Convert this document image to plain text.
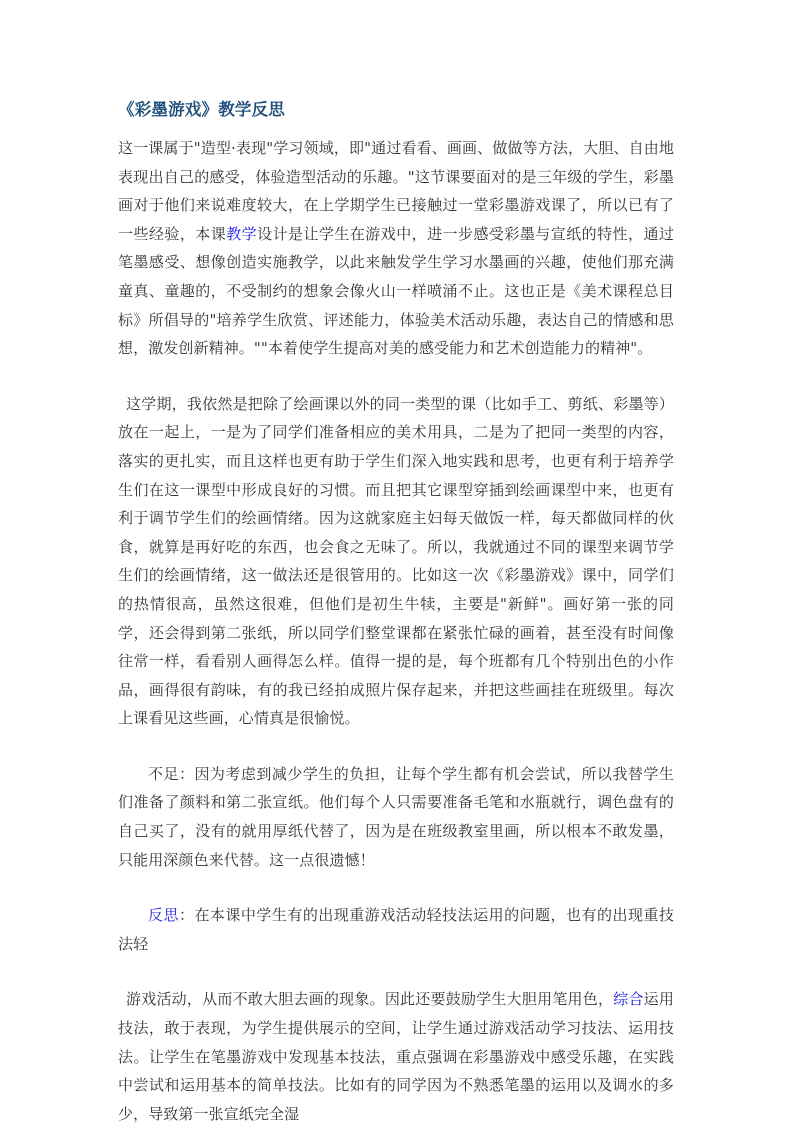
《彩墨游戏》教学反思

这一课属于"造型·表现"学习领域，即"通过看看、画画、做做等方法，大胆、自由地表现出自己的感受，体验造型活动的乐趣。"这节课要面对的是三年级的学生，彩墨画对于他们来说难度较大，在上学期学生已接触过一堂彩墨游戏课了，所以已有了一些经验，本课教学设计是让学生在游戏中，进一步感受彩墨与宣纸的特性，通过笔墨感受、想像创造实施教学，以此来触发学生学习水墨画的兴趣，使他们那充满童真、童趣的，不受制约的想象会像火山一样喷涌不止。这也正是《美术课程总目标》所倡导的"培养学生欣赏、评述能力，体验美术活动乐趣，表达自己的情感和思想，激发创新精神。""本着使学生提高对美的感受能力和艺术创造能力的精神"。

这学期，我依然是把除了绘画课以外的同一类型的课（比如手工、剪纸、彩墨等）放在一起上，一是为了同学们准备相应的美术用具，二是为了把同一类型的内容，落实的更扎实，而且这样也更有助于学生们深入地实践和思考，也更有利于培养学生们在这一课型中形成良好的习惯。而且把其它课型穿插到绘画课型中来，也更有利于调节学生们的绘画情绪。因为这就家庭主妇每天做饭一样，每天都做同样的伙食，就算是再好吃的东西，也会食之无味了。所以，我就通过不同的课型来调节学生们的绘画情绪，这一做法还是很管用的。比如这一次《彩墨游戏》课中，同学们的热情很高，虽然这很难，但他们是初生牛犊，主要是"新鲜"。画好第一张的同学，还会得到第二张纸，所以同学们整堂课都在紧张忙碌的画着，甚至没有时间像往常一样，看看别人画得怎么样。值得一提的是，每个班都有几个特别出色的小作品，画得很有韵味，有的我已经拍成照片保存起来，并把这些画挂在班级里。每次上课看见这些画，心情真是很愉悦。

不足：因为考虑到减少学生的负担，让每个学生都有机会尝试，所以我替学生们准备了颜料和第二张宣纸。他们每个人只需要准备毛笔和水瓶就行，调色盘有的自己买了，没有的就用厚纸代替了，因为是在班级教室里画，所以根本不敢发墨，只能用深颜色来代替。这一点很遗憾！

反思：在本课中学生有的出现重游戏活动轻技法运用的问题，也有的出现重技法轻

游戏活动，从而不敢大胆去画的现象。因此还要鼓励学生大胆用笔用色，综合运用技法，敢于表现，为学生提供展示的空间，让学生通过游戏活动学习技法、运用技法。让学生在笔墨游戏中发现基本技法，重点强调在彩墨游戏中感受乐趣，在实践中尝试和运用基本的简单技法。比如有的同学因为不熟悉笔墨的运用以及调水的多少，导致第一张宣纸完全湿
